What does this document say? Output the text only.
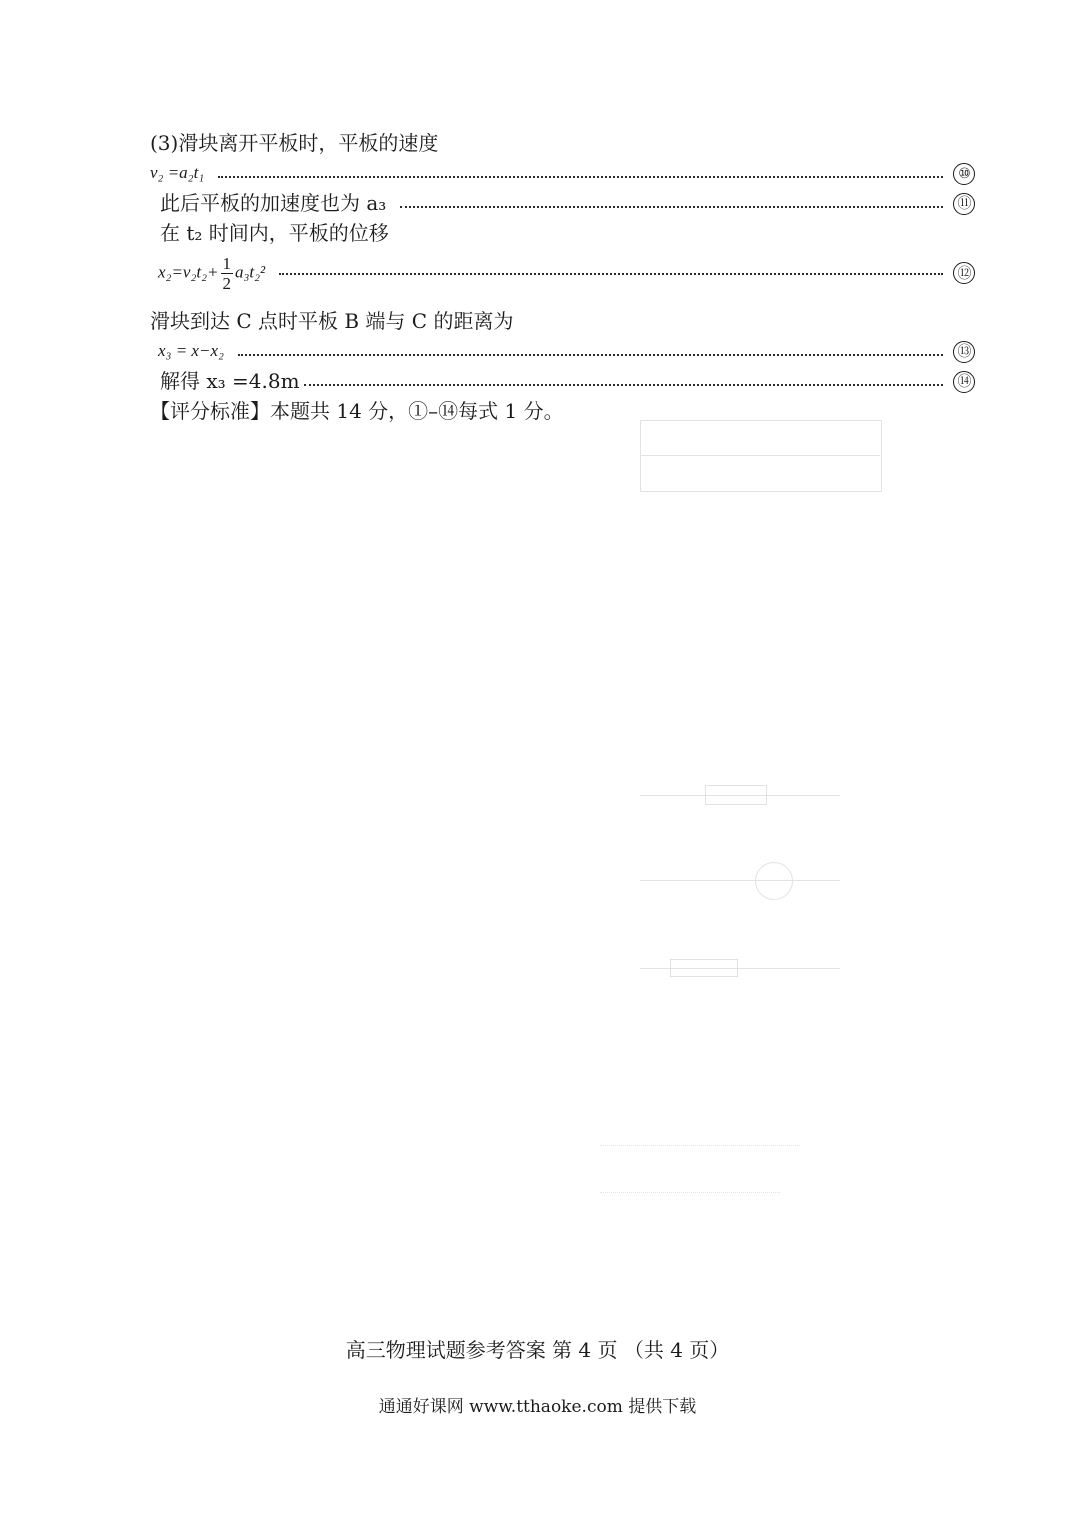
(3)滑块离开平板时，平板的速度
v₂ =a₂t₁	⑩
此后平板的加速度也为 a₃	⑪
在 t₂ 时间内，平板的位移
$x_2=v_2t_2+ \frac{1}{2} a_3t_2^2$	⑫
滑块到达 C 点时平板 B 端与 C 的距离为
x₃ = x−x₂	⑬
解得 x₃ =4.8m	⑭
【评分标准】本题共 14 分，①–⑭每式 1 分。
高三物理试题参考答案 第 4 页 （共 4 页）
通通好课网 www.tthaoke.com 提供下载
